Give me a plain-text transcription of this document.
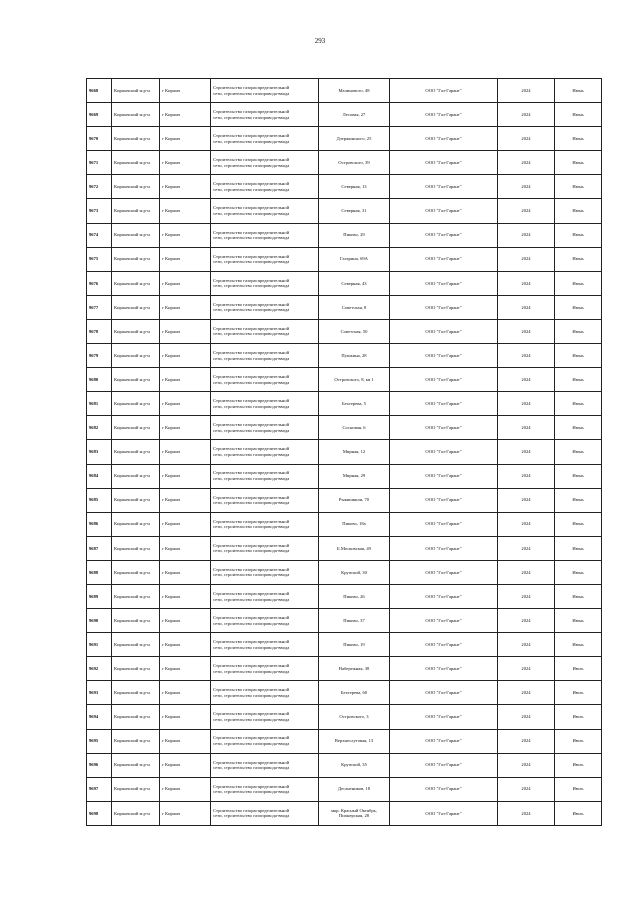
293
9668	Киржачский м.р-н	г Киржач	Строительство газораспределительной
сети, строительство газопровода-ввода	Малинового, 48	ООО "Газ-Гарант"	2024	Июнь
9669	Киржачский м.р-н	г Киржач	Строительство газораспределительной
сети, строительство газопровода-ввода	Лесовая, 27	ООО "Газ-Гарант"	2024	Июнь
9670	Киржачский м.р-н	г Киржач	Строительство газораспределительной
сети, строительство газопровода-ввода	Дзержинского, 25	ООО "Газ-Гарант"	2024	Июнь
9671	Киржачский м.р-н	г Киржач	Строительство газораспределительной
сети, строительство газопровода-ввода	Островского, 39	ООО "Газ-Гарант"	2024	Июнь
9672	Киржачский м.р-н	г Киржач	Строительство газораспределительной
сети, строительство газопровода-ввода	Северная, 13	ООО "Газ-Гарант"	2024	Июнь
9673	Киржачский м.р-н	г Киржач	Строительство газораспределительной
сети, строительство газопровода-ввода	Северная, 31	ООО "Газ-Гарант"	2024	Июнь
9674	Киржачский м.р-н	г Киржач	Строительство газораспределительной
сети, строительство газопровода-ввода	Пиково, 29	ООО "Газ-Гарант"	2024	Июнь
9675	Киржачский м.р-н	г Киржач	Строительство газораспределительной
сети, строительство газопровода-ввода	Гагарина, 69А	ООО "Газ-Гарант"	2024	Июнь
9676	Киржачский м.р-н	г Киржач	Строительство газораспределительной
сети, строительство газопровода-ввода	Северная, 43	ООО "Газ-Гарант"	2024	Июнь
9677	Киржачский м.р-н	г Киржач	Строительство газораспределительной
сети, строительство газопровода-ввода	Советская, 8	ООО "Газ-Гарант"	2024	Июнь
9678	Киржачский м.р-н	г Киржач	Строительство газораспределительной
сети, строительство газопровода-ввода	Советская, 50	ООО "Газ-Гарант"	2024	Июнь
9679	Киржачский м.р-н	г Киржач	Строительство газораспределительной
сети, строительство газопровода-ввода	Пушкина, 28	ООО "Газ-Гарант"	2024	Июнь
9680	Киржачский м.р-н	г Киржач	Строительство газораспределительной
сети, строительство газопровода-ввода	Островского, 8, кв 1	ООО "Газ-Гарант"	2024	Июнь
9681	Киржачский м.р-н	г Киржач	Строительство газораспределительной
сети, строительство газопровода-ввода	Бехтерева, 5	ООО "Газ-Гарант"	2024	Июнь
9682	Киржачский м.р-н	г Киржач	Строительство газораспределительной
сети, строительство газопровода-ввода	Сосновая, 6	ООО "Газ-Гарант"	2024	Июнь
9683	Киржачский м.р-н	г Киржач	Строительство газораспределительной
сети, строительство газопровода-ввода	Мирная, 12	ООО "Газ-Гарант"	2024	Июнь
9684	Киржачский м.р-н	г Киржач	Строительство газораспределительной
сети, строительство газопровода-ввода	Мирная, 29	ООО "Газ-Гарант"	2024	Июнь
9685	Киржачский м.р-н	г Киржач	Строительство газораспределительной
сети, строительство газопровода-ввода	Рыкишвили, 70	ООО "Газ-Гарант"	2024	Июнь
9686	Киржачский м.р-н	г Киржач	Строительство газораспределительной
сети, строительство газопровода-ввода	Пиково, 18а	ООО "Газ-Гарант"	2024	Июнь
9687	Киржачский м.р-н	г Киржач	Строительство газораспределительной
сети, строительство газопровода-ввода	Б.Московская, 49	ООО "Газ-Гарант"	2024	Июнь
9688	Киржачский м.р-н	г Киржач	Строительство газораспределительной
сети, строительство газопровода-ввода	Крупской, 30	ООО "Газ-Гарант"	2024	Июнь
9689	Киржачский м.р-н	г Киржач	Строительство газораспределительной
сети, строительство газопровода-ввода	Пиково, 26	ООО "Газ-Гарант"	2024	Июнь
9690	Киржачский м.р-н	г Киржач	Строительство газораспределительной
сети, строительство газопровода-ввода	Пиково, 37	ООО "Газ-Гарант"	2024	Июнь
9691	Киржачский м.р-н	г Киржач	Строительство газораспределительной
сети, строительство газопровода-ввода	Пиково, 19	ООО "Газ-Гарант"	2024	Июнь
9692	Киржачский м.р-н	г Киржач	Строительство газораспределительной
сети, строительство газопровода-ввода	Набережная, 38	ООО "Газ-Гарант"	2024	Июль
9693	Киржачский м.р-н	г Киржач	Строительство газораспределительной
сети, строительство газопровода-ввода	Бехтерева, 60	ООО "Газ-Гарант"	2024	Июль
9694	Киржачский м.р-н	г Киржач	Строительство газораспределительной
сети, строительство газопровода-ввода	Островского, 3	ООО "Газ-Гарант"	2024	Июль
9695	Киржачский м.р-н	г Киржач	Строительство газораспределительной
сети, строительство газопровода-ввода	Верхнеслутовая, 13	ООО "Газ-Гарант"	2024	Июль
9696	Киржачский м.р-н	г Киржач	Строительство газораспределительной
сети, строительство газопровода-ввода	Крупской, 35	ООО "Газ-Гарант"	2024	Июль
9697	Киржачский м.р-н	г Киржач	Строительство газораспределительной
сети, строительство газопровода-ввода	Десантников, 18	ООО "Газ-Гарант"	2024	Июль
9698	Киржачский м.р-н	г Киржач	Строительство газораспределительной
сети, строительство газопровода-ввода	мкр. Красный Октябрь,
Пионерская, 28	ООО "Газ-Гарант"	2024	Июль
